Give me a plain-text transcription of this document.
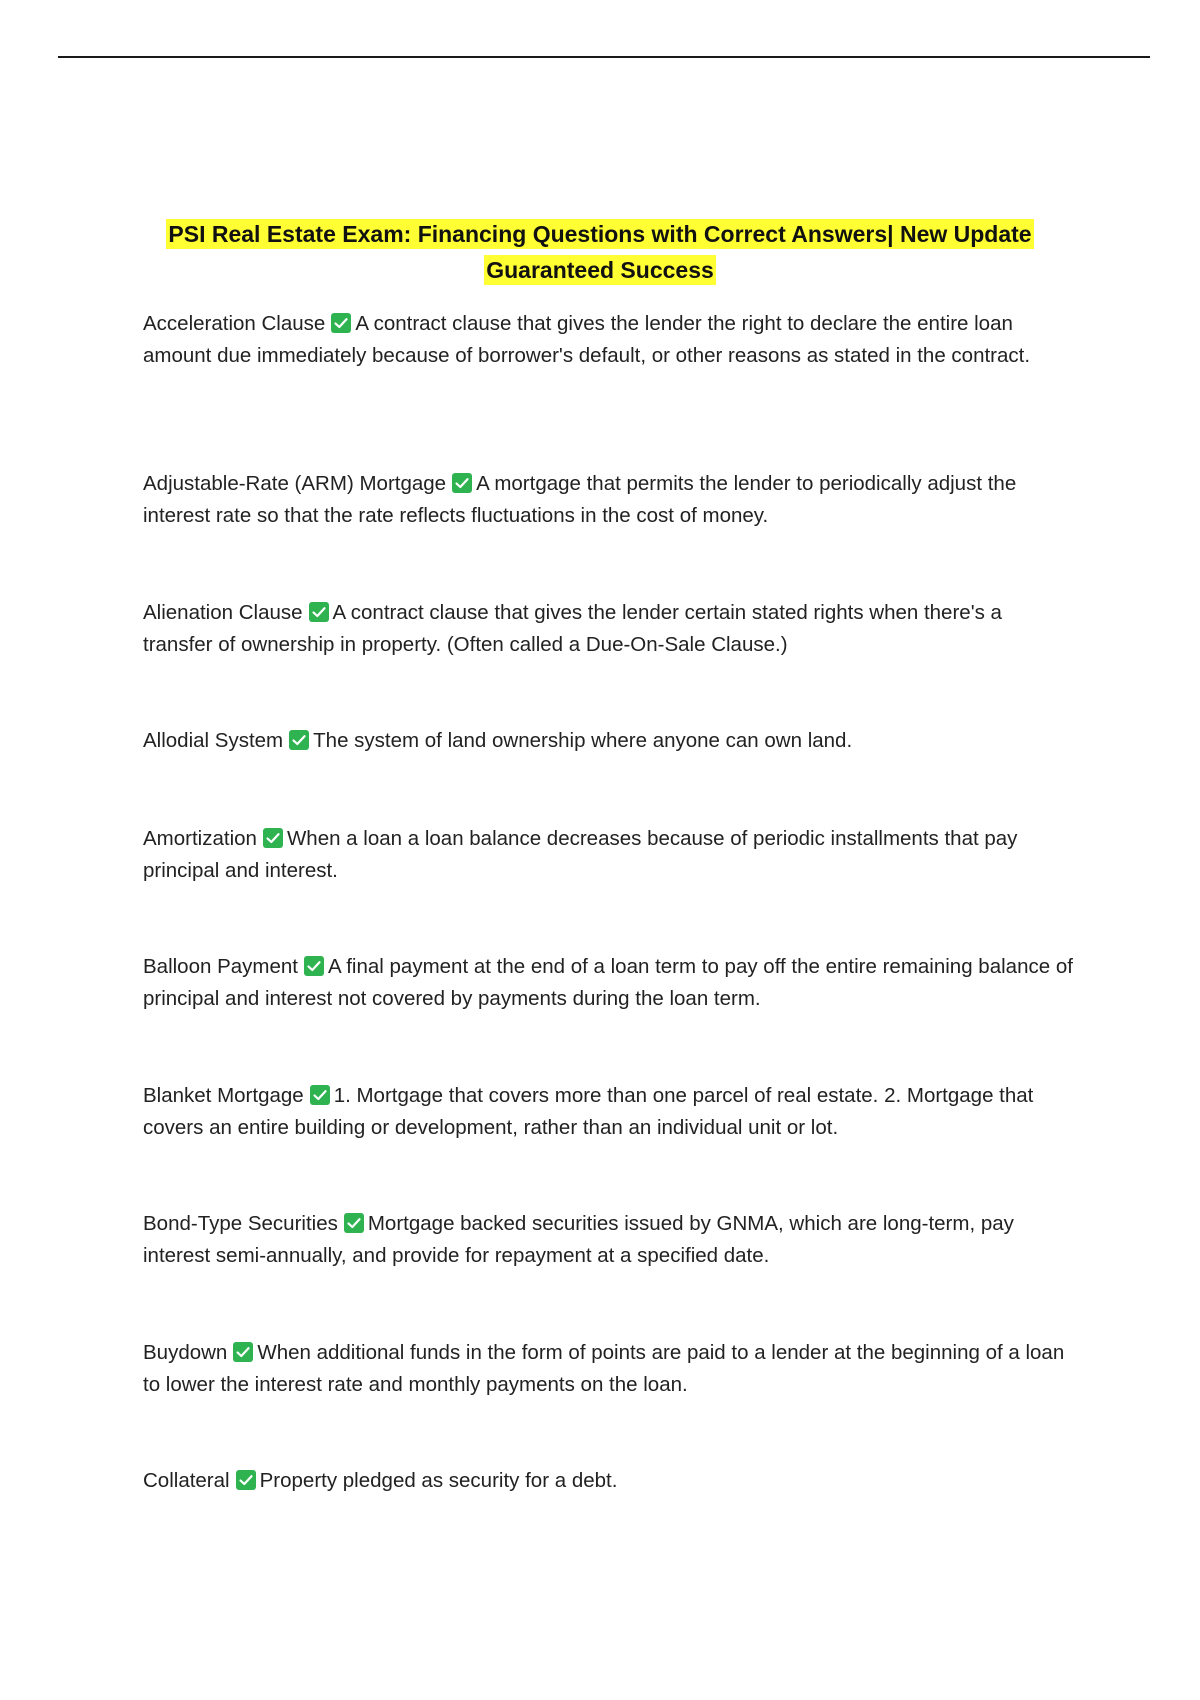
PSI Real Estate Exam: Financing Questions with Correct Answers| New Update
Guaranteed Success

Acceleration Clause A contract clause that gives the lender the right to declare the entire loan amount due immediately because of borrower's default, or other reasons as stated in the contract.

Adjustable-Rate (ARM) Mortgage A mortgage that permits the lender to periodically adjust the interest rate so that the rate reflects fluctuations in the cost of money.

Alienation Clause A contract clause that gives the lender certain stated rights when there's a transfer of ownership in property. (Often called a Due-On-Sale Clause.)

Allodial System The system of land ownership where anyone can own land.

Amortization When a loan a loan balance decreases because of periodic installments that pay principal and interest.

Balloon Payment A final payment at the end of a loan term to pay off the entire remaining balance of principal and interest not covered by payments during the loan term.

Blanket Mortgage 1. Mortgage that covers more than one parcel of real estate. 2. Mortgage that covers an entire building or development, rather than an individual unit or lot.

Bond-Type Securities Mortgage backed securities issued by GNMA, which are long-term, pay interest semi-annually, and provide for repayment at a specified date.

Buydown When additional funds in the form of points are paid to a lender at the beginning of a loan to lower the interest rate and monthly payments on the loan.

Collateral Property pledged as security for a debt.
